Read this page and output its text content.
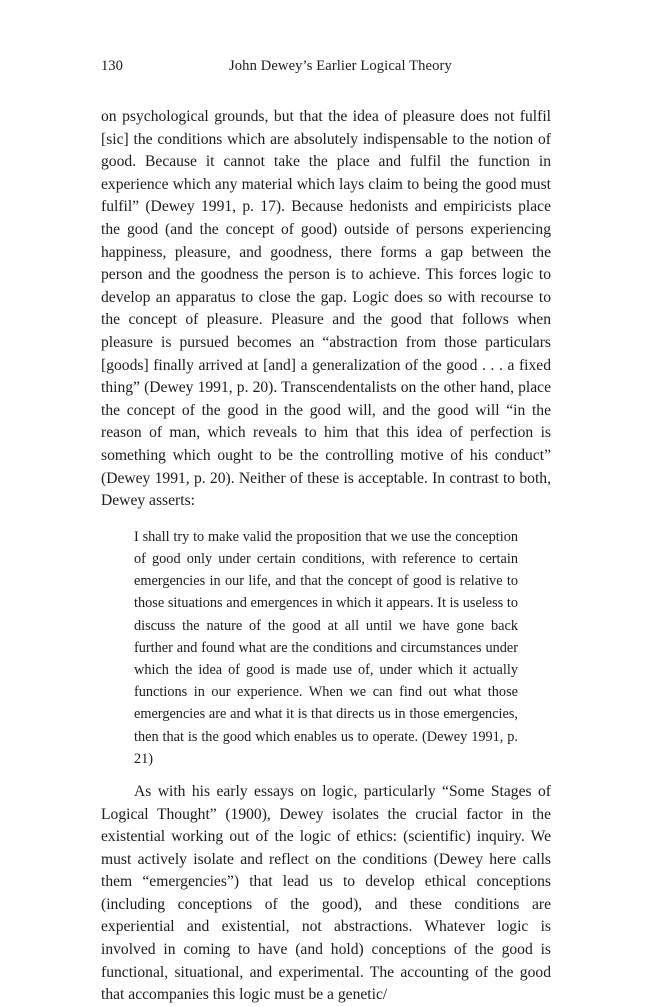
130	John Dewey’s Earlier Logical Theory

on psychological grounds, but that the idea of pleasure does not fulfil [sic] the conditions which are absolutely indispensable to the notion of good. Because it cannot take the place and fulfil the function in experience which any material which lays claim to being the good must fulfil” (Dewey 1991, p. 17). Because hedonists and empiricists place the good (and the concept of good) outside of persons experiencing happiness, pleasure, and goodness, there forms a gap between the person and the goodness the person is to achieve. This forces logic to develop an apparatus to close the gap. Logic does so with recourse to the concept of pleasure. Pleasure and the good that follows when pleasure is pursued becomes an “abstraction from those particulars [goods] finally arrived at [and] a generalization of the good . . . a fixed thing” (Dewey 1991, p. 20). Transcendentalists on the other hand, place the concept of the good in the good will, and the good will “in the reason of man, which reveals to him that this idea of perfection is something which ought to be the controlling motive of his conduct” (Dewey 1991, p. 20). Neither of these is acceptable. In contrast to both, Dewey asserts:

I shall try to make valid the proposition that we use the conception of good only under certain conditions, with reference to certain emergencies in our life, and that the concept of good is relative to those situations and emergences in which it appears. It is useless to discuss the nature of the good at all until we have gone back further and found what are the conditions and circumstances under which the idea of good is made use of, under which it actually functions in our experience. When we can find out what those emergencies are and what it is that directs us in those emergencies, then that is the good which enables us to operate. (Dewey 1991, p. 21)

As with his early essays on logic, particularly “Some Stages of Logical Thought” (1900), Dewey isolates the crucial factor in the existential working out of the logic of ethics: (scientific) inquiry. We must actively isolate and reflect on the conditions (Dewey here calls them “emergencies”) that lead us to develop ethical conceptions (including conceptions of the good), and these conditions are experiential and existential, not abstractions. Whatever logic is involved in coming to have (and hold) conceptions of the good is functional, situational, and experimental. The accounting of the good that accompanies this logic must be a genetic/
